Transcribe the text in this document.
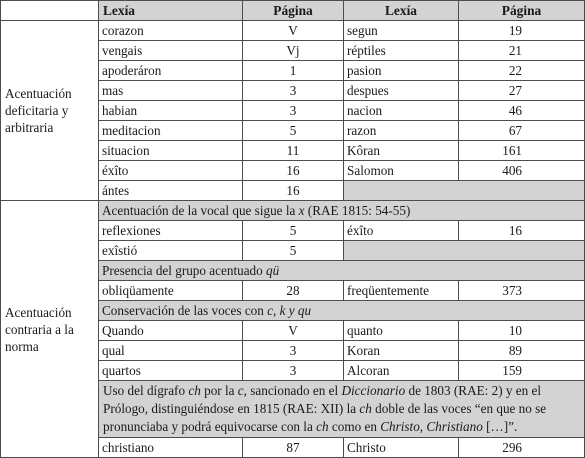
	Lexía	Página	Lexía	Página
Acentuación deficitaria y arbitraria	corazon	V	segun	19
	vengais	Vj	réptiles	21
	apoderáron	1	pasion	22
	mas	3	despues	27
	habian	3	nacion	46
	meditacion	5	razon	67
	situacion	11	Kôran	161
	éxîto	16	Salomon	406
	ántes	16		
Acentuación contraria a la norma	Acentuación de la vocal que sigue la x (RAE 1815: 54-55)			
	reflexiones	5	éxîto	16
	exîstió	5		
	Presencia del grupo acentuado qü			
	obliqüamente	28	freqüentemente	373
	Conservación de las voces con c, k y qu			
	Quando	V	quanto	10
	qual	3	Koran	89
	quartos	3	Alcoran	159
	Uso del dígrafo ch por la c, sancionado en el Diccionario de 1803 (RAE: 2) y en el Prólogo, distinguiéndose en 1815 (RAE: XII) la ch doble de las voces “en que no se pronunciaba y podrá equivocarse con la ch como en Christo, Christiano […]”.			
	christiano	87	Christo	296
